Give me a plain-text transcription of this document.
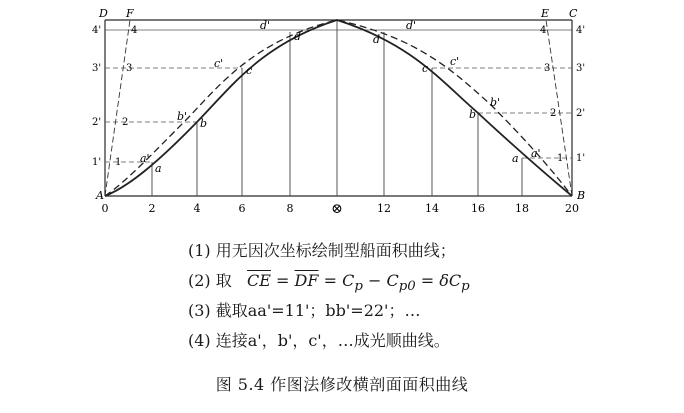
D F	E C
A	B
0	2	4	6	8	⊗	12	14	16	18	20
1'
2'
3'
4'
1'
2'
3'
4'
1
2
3
4
1
2
3
4
a
a'
b
b'
c
c'
d
d'
a a'
b
b'
c
c'
d
d'
(1) 用无因次坐标绘制型船面积曲线；
(2) 取 $\overline{CE} = \overline{DF} = C_p - C_{p0} = \delta C_p$
(3) 截取aa'=11'；bb'=22'；…
(4) 连接a'，b'，c'，…成光顺曲线。
图 5.4 作图法修改横剖面面积曲线
